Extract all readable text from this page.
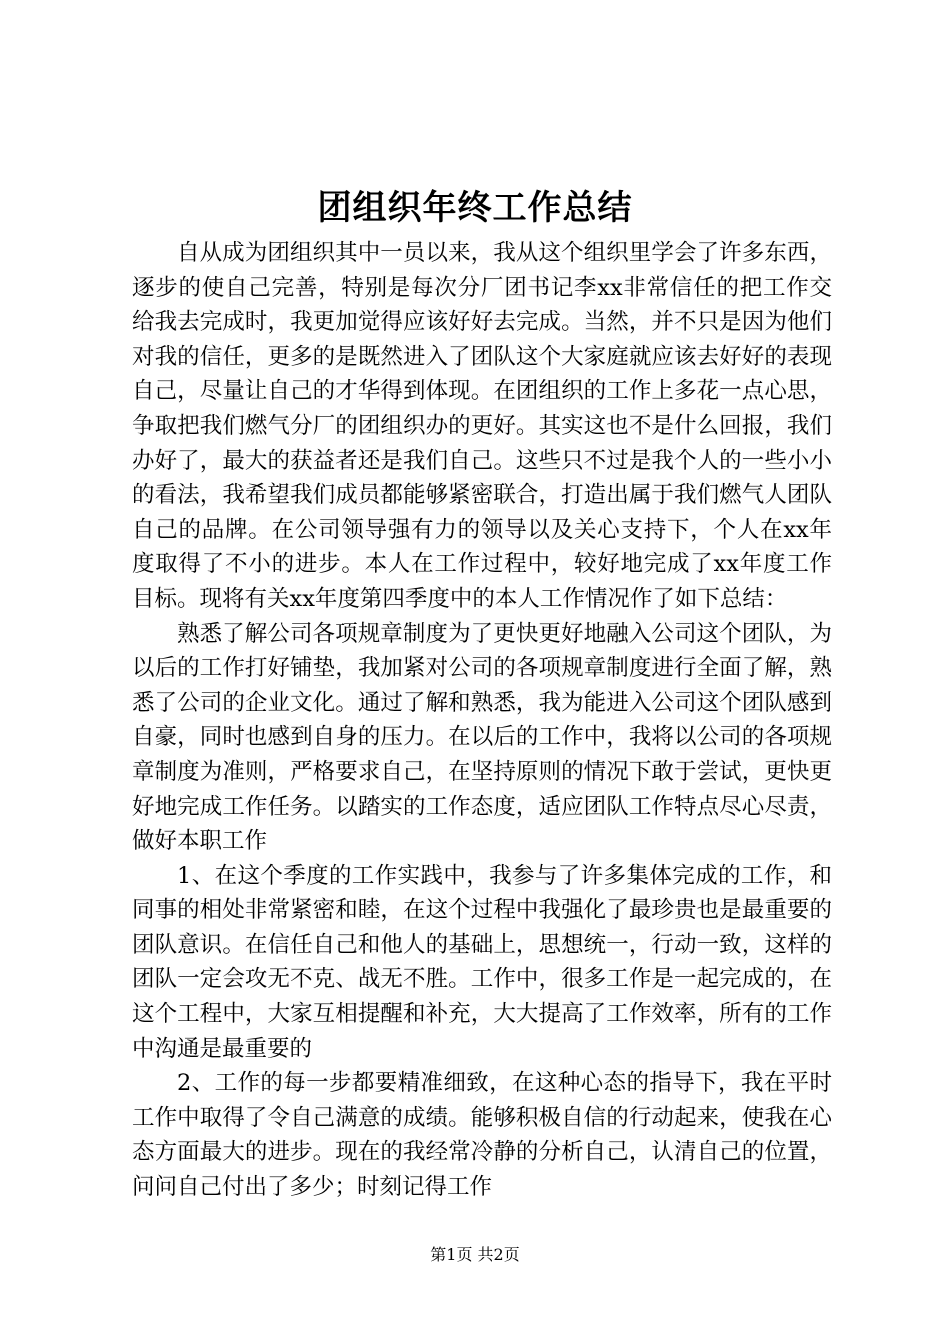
团组织年终工作总结

自从成为团组织其中一员以来，我从这个组织里学会了许多东西，逐步的使自己完善，特别是每次分厂团书记李xx非常信任的把工作交给我去完成时，我更加觉得应该好好去完成。当然，并不只是因为他们对我的信任，更多的是既然进入了团队这个大家庭就应该去好好的表现自己，尽量让自己的才华得到体现。在团组织的工作上多花一点心思，争取把我们燃气分厂的团组织办的更好。其实这也不是什么回报，我们办好了，最大的获益者还是我们自己。这些只不过是我个人的一些小小的看法，我希望我们成员都能够紧密联合，打造出属于我们燃气人团队自己的品牌。在公司领导强有力的领导以及关心支持下，个人在xx年度取得了不小的进步。本人在工作过程中，较好地完成了xx年度工作目标。现将有关xx年度第四季度中的本人工作情况作了如下总结：

熟悉了解公司各项规章制度为了更快更好地融入公司这个团队，为以后的工作打好铺垫，我加紧对公司的各项规章制度进行全面了解，熟悉了公司的企业文化。通过了解和熟悉，我为能进入公司这个团队感到自豪，同时也感到自身的压力。在以后的工作中，我将以公司的各项规章制度为准则，严格要求自己，在坚持原则的情况下敢于尝试，更快更好地完成工作任务。以踏实的工作态度，适应团队工作特点尽心尽责，做好本职工作

1、在这个季度的工作实践中，我参与了许多集体完成的工作，和同事的相处非常紧密和睦，在这个过程中我强化了最珍贵也是最重要的团队意识。在信任自己和他人的基础上，思想统一，行动一致，这样的团队一定会攻无不克、战无不胜。工作中，很多工作是一起完成的，在这个工程中，大家互相提醒和补充，大大提高了工作效率，所有的工作中沟通是最重要的

2、工作的每一步都要精准细致，在这种心态的指导下，我在平时工作中取得了令自己满意的成绩。能够积极自信的行动起来，使我在心态方面最大的进步。现在的我经常冷静的分析自己，认清自己的位置，问问自己付出了多少；时刻记得工作

第1页 共2页
